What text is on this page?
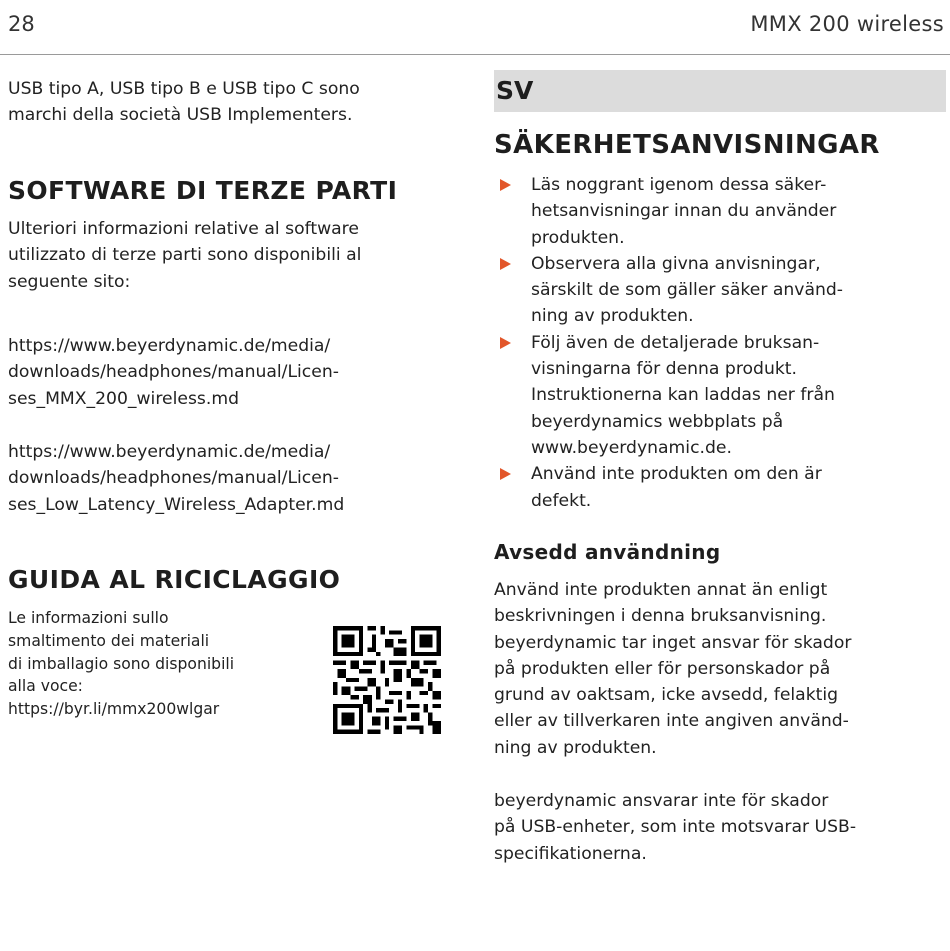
28	MMX 200 wireless

USB tipo A, USB tipo B e USB tipo C sono

marchi della società USB Implementers.

SOFTWARE DI TERZE PARTI

Ulteriori informazioni relative al software

utilizzato di terze parti sono disponibili al

seguente sito:

https://www.beyerdynamic.de/media/

downloads/headphones/manual/Licen-

ses_MMX_200_wireless.md

https://www.beyerdynamic.de/media/

downloads/headphones/manual/Licen-

ses_Low_Latency_Wireless_Adapter.md

GUIDA AL RICICLAGGIO

Le informazioni sullo

smaltimento dei materiali

di imballagio sono disponibili

alla voce:

https://byr.li/mmx200wlgar

SV
SÄKERHETSANVISNINGAR

Läs noggrant igenom dessa säker-

hetsanvisningar innan du använder

produkten.

Observera alla givna anvisningar,

särskilt de som gäller säker använd-

ning av produkten.

Följ även de detaljerade bruksan-

visningarna för denna produkt.

Instruktionerna kan laddas ner från

beyerdynamics webbplats på

www.beyerdynamic.de.

Använd inte produkten om den är

defekt.

Avsedd användning

Använd inte produkten annat än enligt

beskrivningen i denna bruksanvisning.

beyerdynamic tar inget ansvar för skador

på produkten eller för personskador på

grund av oaktsam, icke avsedd, felaktig

eller av tillverkaren inte angiven använd-

ning av produkten.

beyerdynamic ansvarar inte för skador

på USB-enheter, som inte motsvarar USB-

specifikationerna.
